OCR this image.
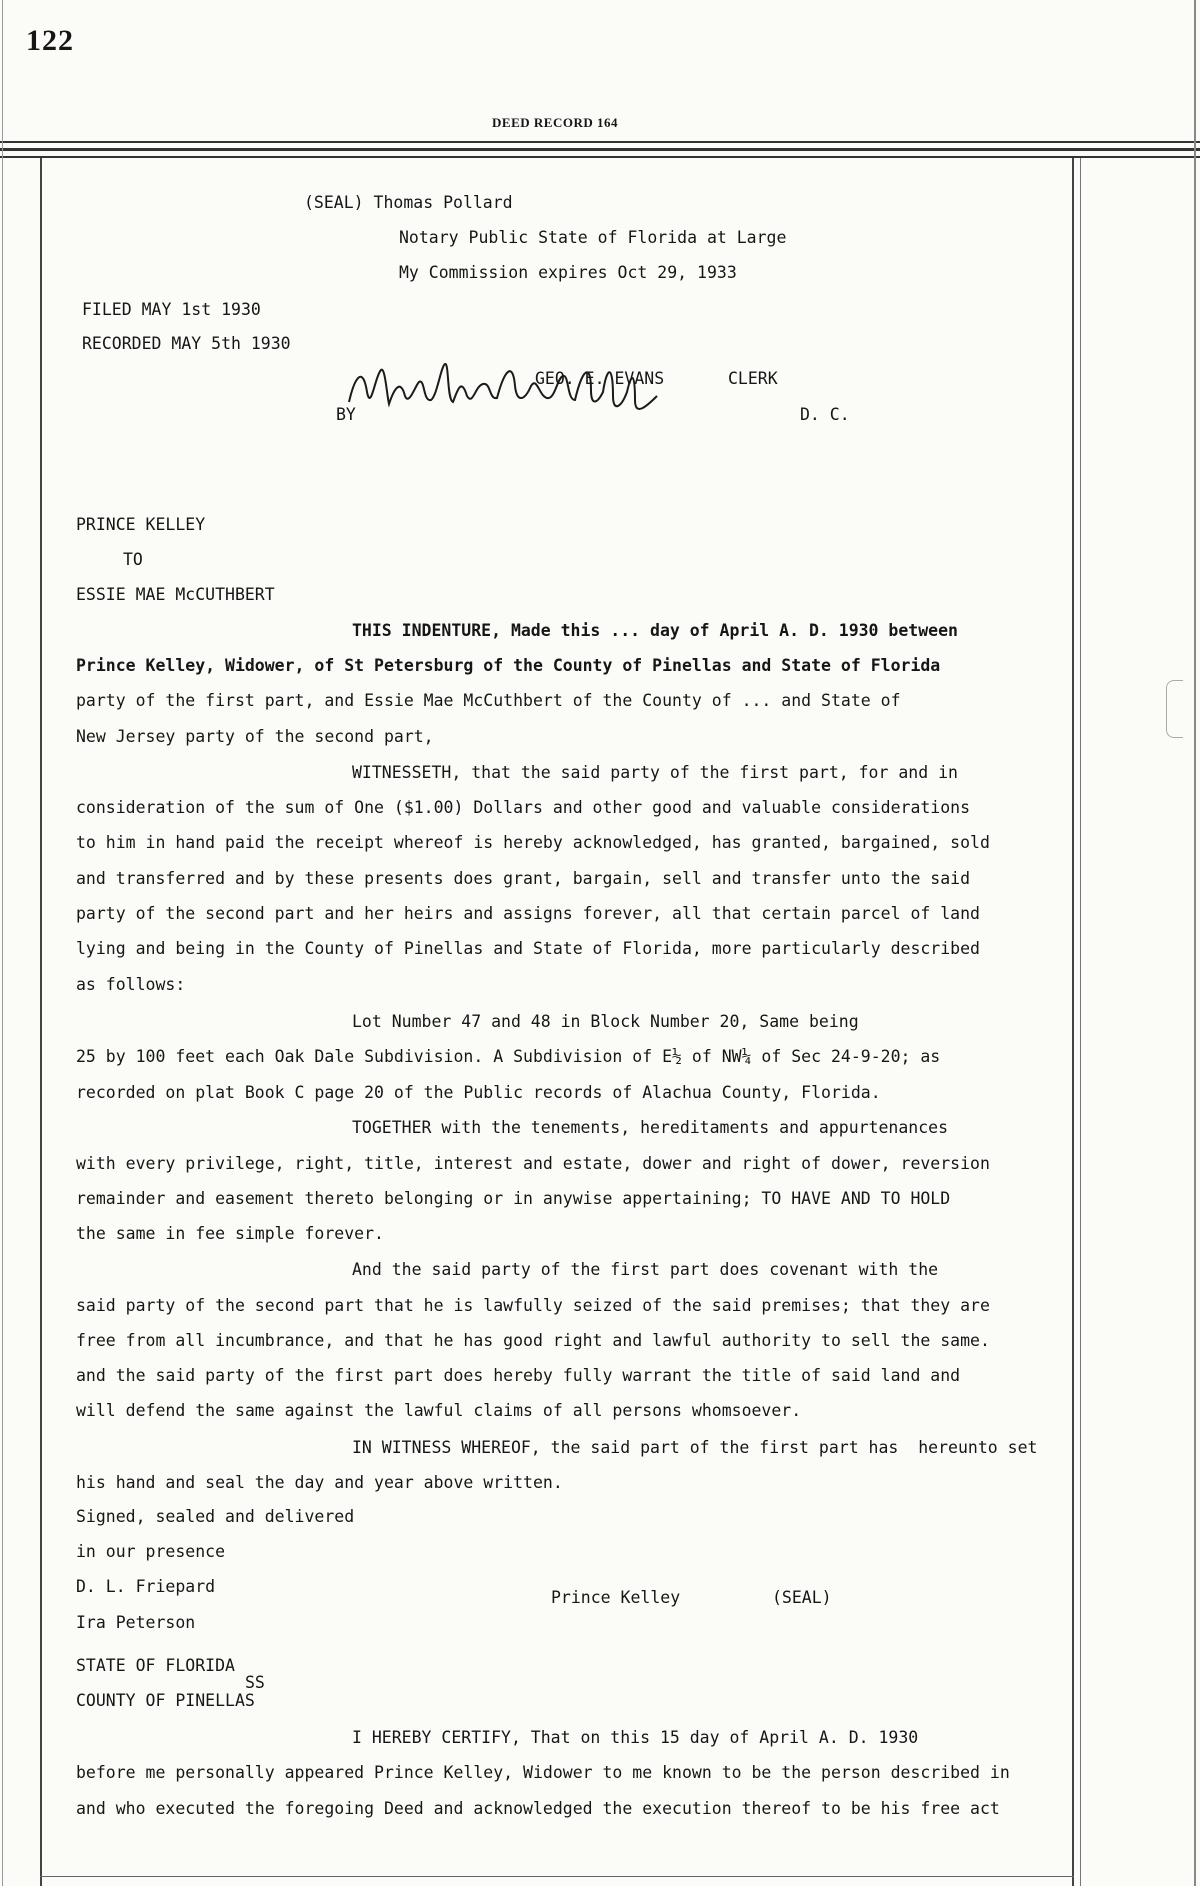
122
DEED RECORD 164
(SEAL) Thomas Pollard
Notary Public State of Florida at Large
My Commission expires Oct 29, 1933
FILED MAY 1st 1930
RECORDED MAY 5th 1930
GEO. E. EVANS	CLERK
BY	D. C.
PRINCE KELLEY
TO
ESSIE MAE McCUTHBERT
THIS INDENTURE, Made this ... day of April A. D. 1930 between
Prince Kelley, Widower, of St Petersburg of the County of Pinellas and State of Florida
party of the first part, and Essie Mae McCuthbert of the County of ... and State of
New Jersey party of the second part,
WITNESSETH, that the said party of the first part, for and in
consideration of the sum of One ($1.00) Dollars and other good and valuable considerations
to him in hand paid the receipt whereof is hereby acknowledged, has granted, bargained, sold
and transferred and by these presents does grant, bargain, sell and transfer unto the said
party of the second part and her heirs and assigns forever, all that certain parcel of land
lying and being in the County of Pinellas and State of Florida, more particularly described
as follows:
Lot Number 47 and 48 in Block Number 20, Same being
25 by 100 feet each Oak Dale Subdivision. A Subdivision of E½ of NW¼ of Sec 24-9-20; as
recorded on plat Book C page 20 of the Public records of Alachua County, Florida.
TOGETHER with the tenements, hereditaments and appurtenances
with every privilege, right, title, interest and estate, dower and right of dower, reversion
remainder and easement thereto belonging or in anywise appertaining; TO HAVE AND TO HOLD
the same in fee simple forever.
And the said party of the first part does covenant with the
said party of the second part that he is lawfully seized of the said premises; that they are
free from all incumbrance, and that he has good right and lawful authority to sell the same.
and the said party of the first part does hereby fully warrant the title of said land and
will defend the same against the lawful claims of all persons whomsoever.
IN WITNESS WHEREOF, the said part of the first part has  hereunto set
his hand and seal the day and year above written.
Signed, sealed and delivered
in our presence
D. L. Friepard
Prince Kelley	(SEAL)
Ira Peterson
STATE OF FLORIDA
SS
COUNTY OF PINELLAS
I HEREBY CERTIFY, That on this 15 day of April A. D. 1930
before me personally appeared Prince Kelley, Widower to me known to be the person described in
and who executed the foregoing Deed and acknowledged the execution thereof to be his free act
